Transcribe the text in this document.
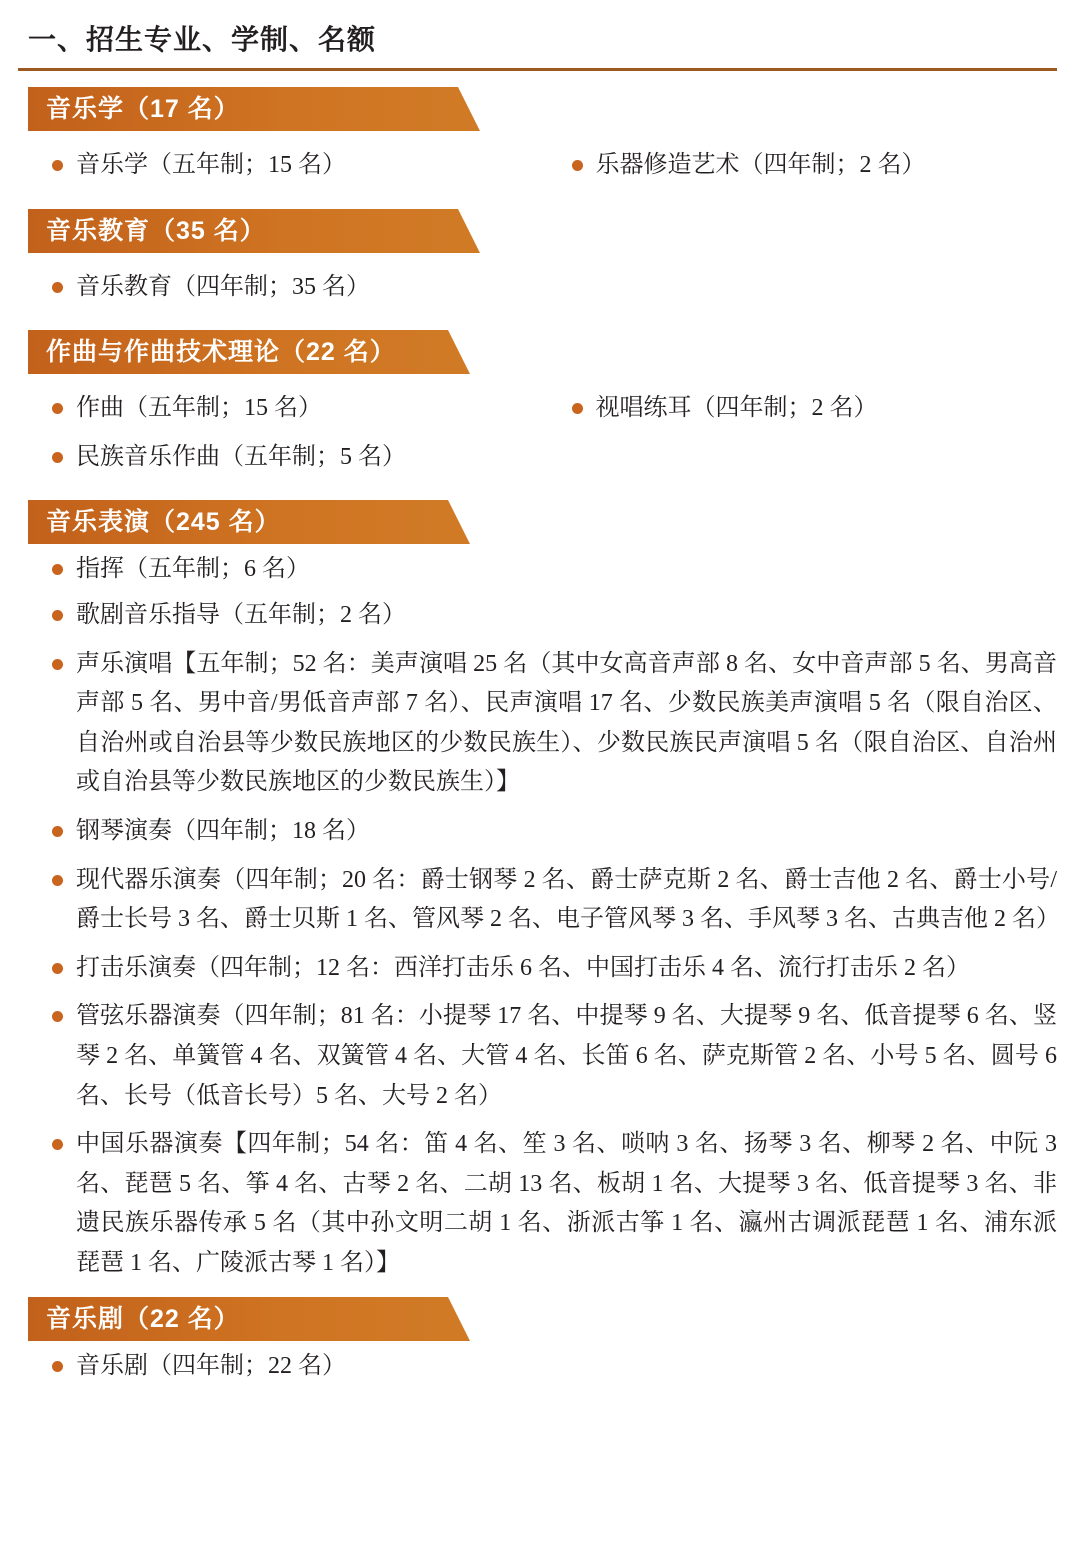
一、招生专业、学制、名额
音乐学（17 名）
音乐学（五年制；15 名）	乐器修造艺术（四年制；2 名）
音乐教育（35 名）
音乐教育（四年制；35 名）
作曲与作曲技术理论（22 名）
作曲（五年制；15 名）
民族音乐作曲（五年制；5 名）
视唱练耳（四年制；2 名）
音乐表演（245 名）
指挥（五年制；6 名）
歌剧音乐指导（五年制；2 名）
声乐演唱【五年制；52 名：美声演唱 25 名（其中女高音声部 8 名、女中音声部 5 名、男高音声部 5 名、男中音/男低音声部 7 名）、民声演唱 17 名、少数民族美声演唱 5 名（限自治区、自治州或自治县等少数民族地区的少数民族生）、少数民族民声演唱 5 名（限自治区、自治州或自治县等少数民族地区的少数民族生）】
钢琴演奏（四年制；18 名）
现代器乐演奏（四年制；20 名：爵士钢琴 2 名、爵士萨克斯 2 名、爵士吉他 2 名、爵士小号/爵士长号 3 名、爵士贝斯 1 名、管风琴 2 名、电子管风琴 3 名、手风琴 3 名、古典吉他 2 名）
打击乐演奏（四年制；12 名：西洋打击乐 6 名、中国打击乐 4 名、流行打击乐 2 名）
管弦乐器演奏（四年制；81 名：小提琴 17 名、中提琴 9 名、大提琴 9 名、低音提琴 6 名、竖琴 2 名、单簧管 4 名、双簧管 4 名、大管 4 名、长笛 6 名、萨克斯管 2 名、小号 5 名、圆号 6 名、长号（低音长号）5 名、大号 2 名）
中国乐器演奏【四年制；54 名：笛 4 名、笙 3 名、唢呐 3 名、扬琴 3 名、柳琴 2 名、中阮 3 名、琵琶 5 名、筝 4 名、古琴 2 名、二胡 13 名、板胡 1 名、大提琴 3 名、低音提琴 3 名、非遗民族乐器传承 5 名（其中孙文明二胡 1 名、浙派古筝 1 名、瀛州古调派琵琶 1 名、浦东派琵琶 1 名、广陵派古琴 1 名）】
音乐剧（22 名）
音乐剧（四年制；22 名）
